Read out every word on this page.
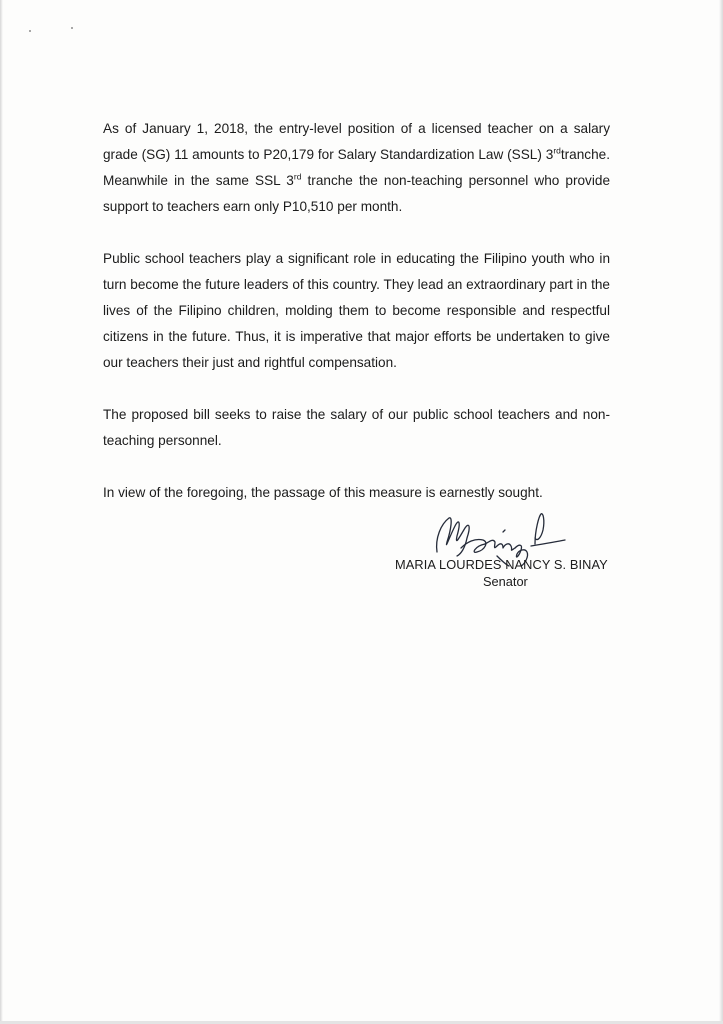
As of January 1, 2018, the entry-level position of a licensed teacher on a salary grade (SG) 11 amounts to P20,179 for Salary Standardization Law (SSL) 3rdtranche. Meanwhile in the same SSL 3rd tranche the non-teaching personnel who provide support to teachers earn only P10,510 per month.

Public school teachers play a significant role in educating the Filipino youth who in turn become the future leaders of this country. They lead an extraordinary part in the lives of the Filipino children, molding them to become responsible and respectful citizens in the future. Thus, it is imperative that major efforts be undertaken to give our teachers their just and rightful compensation.

The proposed bill seeks to raise the salary of our public school teachers and non-teaching personnel.

In view of the foregoing, the passage of this measure is earnestly sought.

MARIA LOURDES NANCY S. BINAY
Senator
